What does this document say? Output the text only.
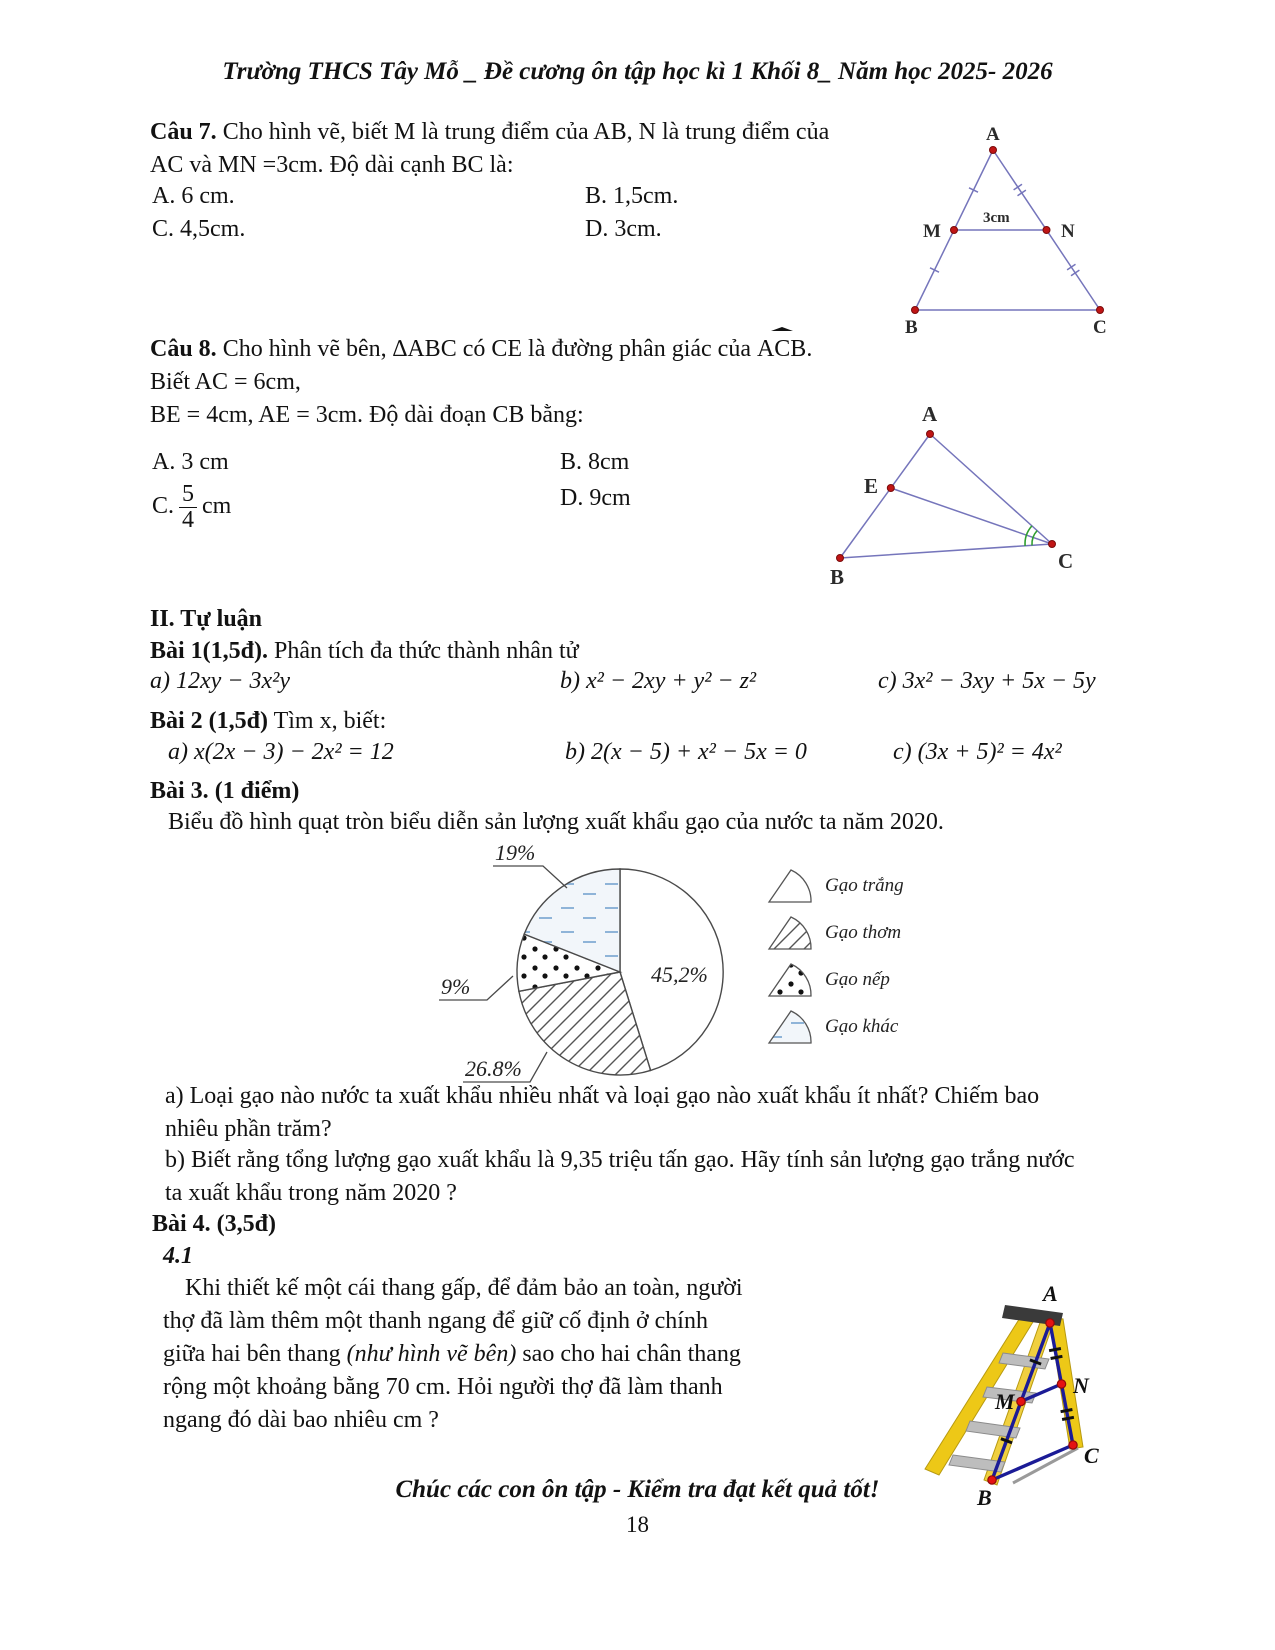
Trường THCS Tây Mỗ _ Đề cương ôn tập học kì 1 Khối 8_ Năm học 2025- 2026
Câu 7. Cho hình vẽ, biết M là trung điểm của AB, N là trung điểm của
AC và MN =3cm. Độ dài cạnh BC là:
A. 6 cm.	B. 1,5cm.
C. 4,5cm.	D. 3cm.
A
M	N
B	C
3cm
Câu 8. Cho hình vẽ bên, ∆ABC có CE là đường phân giác của ACB.
Biết AC = 6cm,
BE = 4cm, AE = 3cm. Độ dài đoạn CB bằng:
A. 3 cm	B. 8cm
C. $\frac{5}{4}$ cm	D. 9cm
A
E
B
C
II. Tự luận
Bài 1(1,5đ). Phân tích đa thức thành nhân tử
a) 12xy − 3x²y	b) x² − 2xy + y² − z²	c) 3x² − 3xy + 5x − 5y
Bài 2 (1,5đ) Tìm x, biết:
a) x(2x − 3) − 2x² = 12	b) 2(x − 5) + x² − 5x = 0	c) (3x + 5)² = 4x²
Bài 3. (1 điểm)
Biểu đồ hình quạt tròn biểu diễn sản lượng xuất khẩu gạo của nước ta năm 2020.
19%
9%	45,2%
26.8%
Gạo trắng
Gạo thơm
Gạo nếp
Gạo khác
a) Loại gạo nào nước ta xuất khẩu nhiều nhất và loại gạo nào xuất khẩu ít nhất? Chiếm bao
nhiêu phần trăm?
b) Biết rằng tổng lượng gạo xuất khẩu là 9,35 triệu tấn gạo. Hãy tính sản lượng gạo trắng nước
ta xuất khẩu trong năm 2020 ?
Bài 4. (3,5đ)
4.1
Khi thiết kế một cái thang gấp, để đảm bảo an toàn, người
thợ đã làm thêm một thanh ngang để giữ cố định ở chính
giữa hai bên thang (như hình vẽ bên) sao cho hai chân thang
rộng một khoảng bằng 70 cm. Hỏi người thợ đã làm thanh
ngang đó dài bao nhiêu cm ?
A
M
N
C
B
Chúc các con ôn tập - Kiểm tra đạt kết quả tốt!
18
